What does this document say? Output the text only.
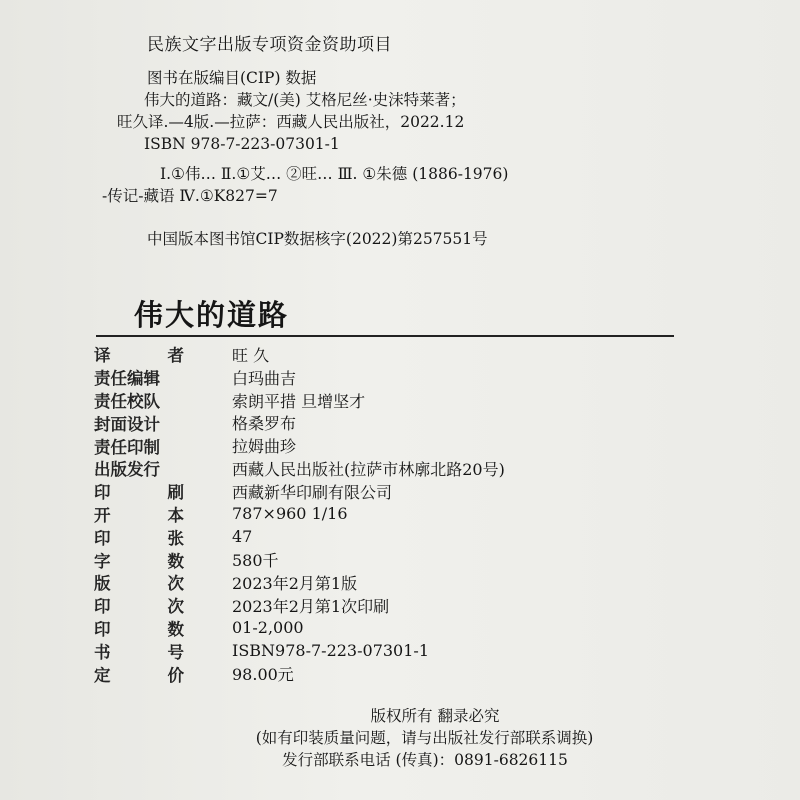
民族文字出版专项资金资助项目
图书在版编目(CIP) 数据
伟大的道路：藏文/(美) 艾格尼丝·史沫特莱著；
旺久译.—4版.—拉萨：西藏人民出版社，2022.12
ISBN 978-7-223-07301-1
Ⅰ.①伟… Ⅱ.①艾… ②旺… Ⅲ. ①朱德 (1886-1976)
-传记-藏语 Ⅳ.①K827=7
中国版本图书馆CIP数据核字(2022)第257551号
伟大的道路
译	者	旺 久
责任编辑	白玛曲吉
责任校队	索朗平措 旦增坚才
封面设计	格桑罗布
责任印制	拉姆曲珍
出版发行	西藏人民出版社(拉萨市林廓北路20号)
印	刷	西藏新华印刷有限公司
开	本	787×960 1/16
印	张	47
字	数	580千
版	次	2023年2月第1版
印	次	2023年2月第1次印刷
印	数	01-2,000
书	号	ISBN978-7-223-07301-1
定	价	98.00元
版权所有 翻录必究
(如有印装质量问题，请与出版社发行部联系调换)
发行部联系电话 (传真)：0891-6826115
